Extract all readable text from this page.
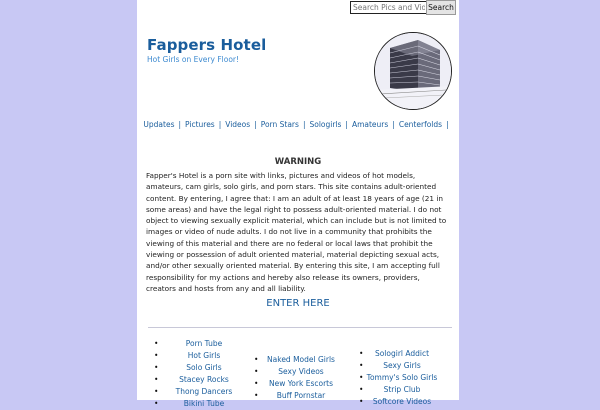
Search Pics and Vids
Search
Fappers Hotel
Hot Girls on Every Floor!
Updates | Pictures | Videos | Porn Stars | Sologirls | Amateurs | Centerfolds |
WARNING

Fapper's Hotel is a porn site with links, pictures and videos of hot models, amateurs, cam girls, solo girls, and porn stars. This site contains adult-oriented content. By entering, I agree that: I am an adult of at least 18 years of age (21 in some areas) and have the legal right to possess adult-oriented material. I do not object to viewing sexually explicit material, which can include but is not limited to images or video of nude adults. I do not live in a community that prohibits the viewing of this material and there are no federal or local laws that prohibit the viewing or possession of adult oriented material, material depicting sexual acts, and/or other sexually oriented material. By entering this site, I am accepting full responsibility for my actions and hereby also release its owners, providers, creators and hosts from any and all liability.

ENTER HERE
• Porn Tube
• Hot Girls
• Solo Girls
• Stacey Rocks
• Thong Dancers
• Bikini Tube
• Naked Model Girls
• Sexy Videos
• New York Escorts
• Buff Pornstar
• Sologirl Addict
• Sexy Girls
• Tommy's Solo Girls
• Strip Club
• Softcore Videos
